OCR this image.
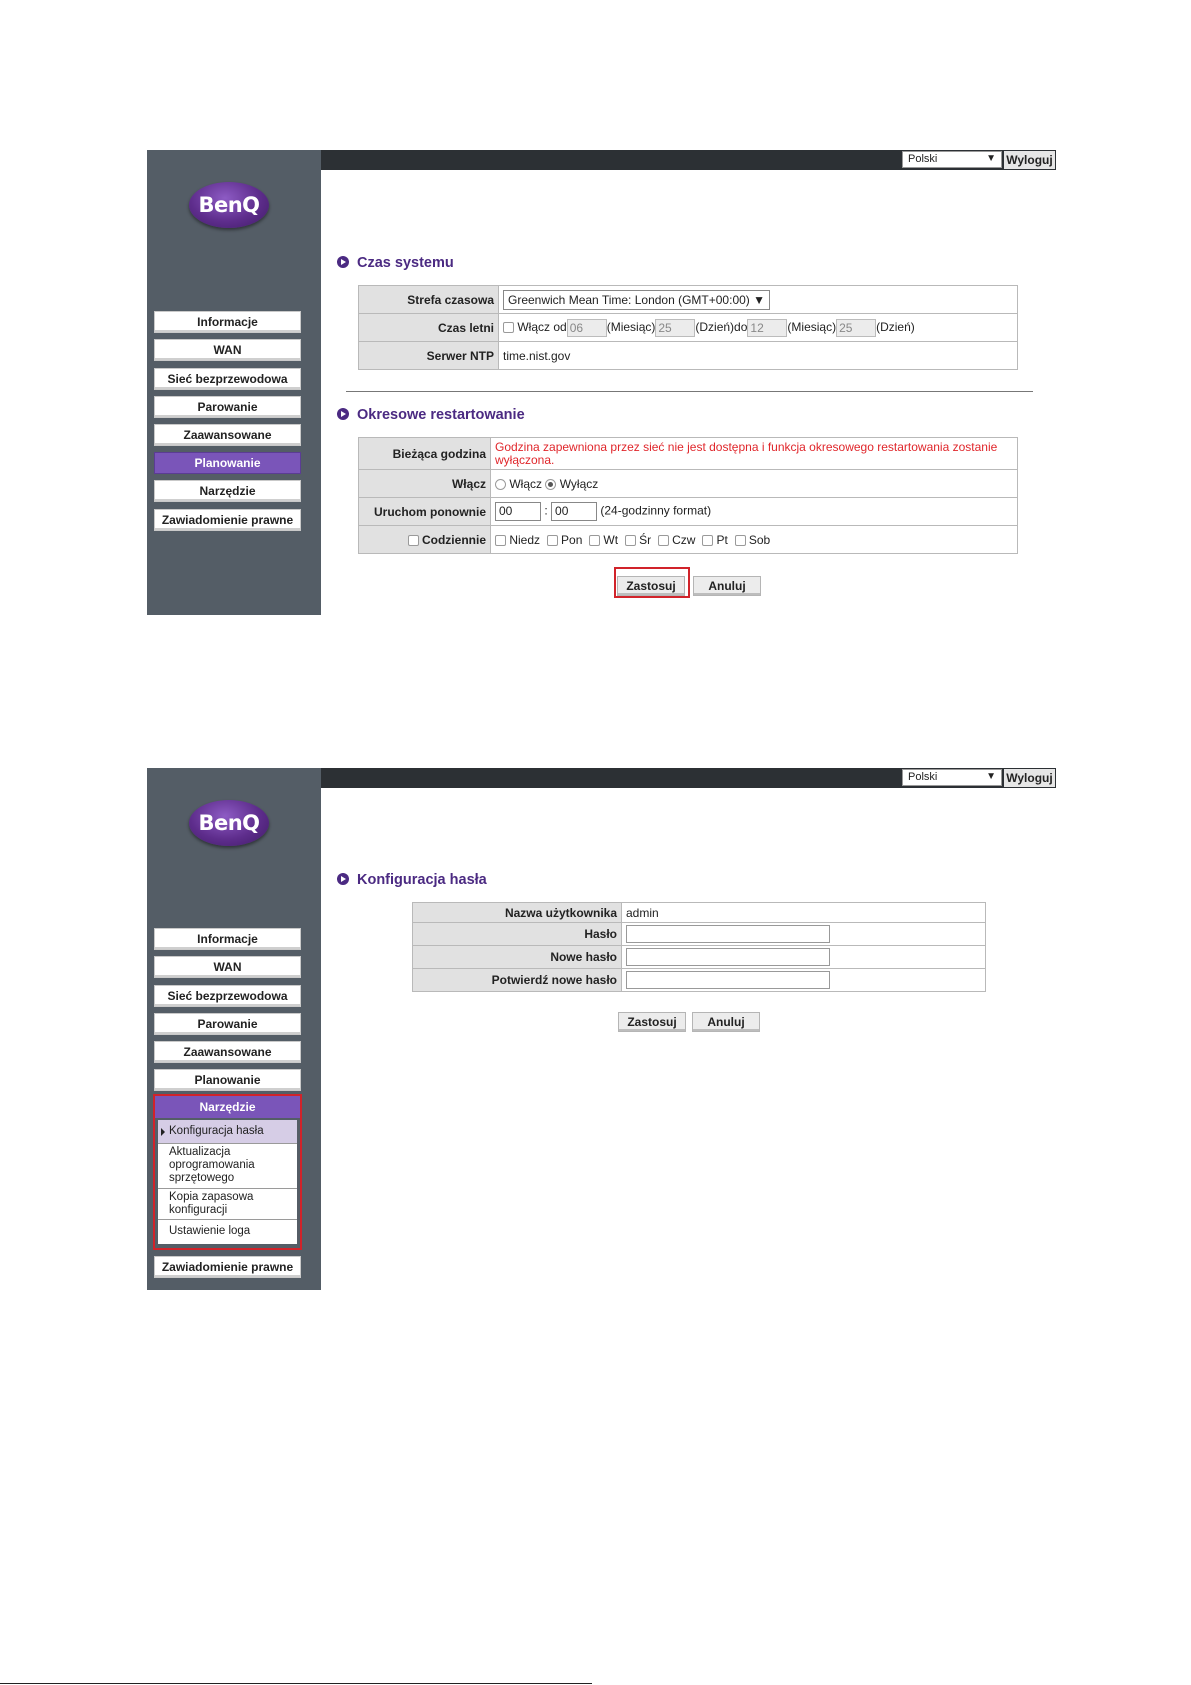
BenQ
Informacje
WAN
Sieć bezprzewodowa
Parowanie
Zaawansowane
Planowanie
Narzędzie
Zawiadomienie prawne
Polski	▼ Wyloguj
Czas systemu
Strefa czasowa	Greenwich Mean Time: London (GMT+00:00) ▼
Czas letni	Włącz od 06 (Miesiąc) 25 (Dzień)do 12 (Miesiąc) 25 (Dzień)
Serwer NTP	time.nist.gov
Okresowe restartowanie
Bieżąca godzina	Godzina zapewniona przez sieć nie jest dostępna i funkcja okresowego restartowania zostanie wyłączona.
Włącz	Włącz Wyłącz
Uruchom ponownie	00 : 00 (24-godzinny format)
Codziennie	Niedz Pon Wt Śr Czw Pt Sob
Zastosuj	Anuluj
BenQ
Informacje
WAN
Sieć bezprzewodowa
Parowanie
Zaawansowane
Planowanie
Narzędzie
Konfiguracja hasła
Aktualizacja oprogramowania sprzętowego
Kopia zapasowa konfiguracji
Ustawienie loga
Zawiadomienie prawne
Polski	▼ Wyloguj
Konfiguracja hasła
Nazwa użytkownika	admin
Hasło	
Nowe hasło	
Potwierdź nowe hasło	
Zastosuj	Anuluj
